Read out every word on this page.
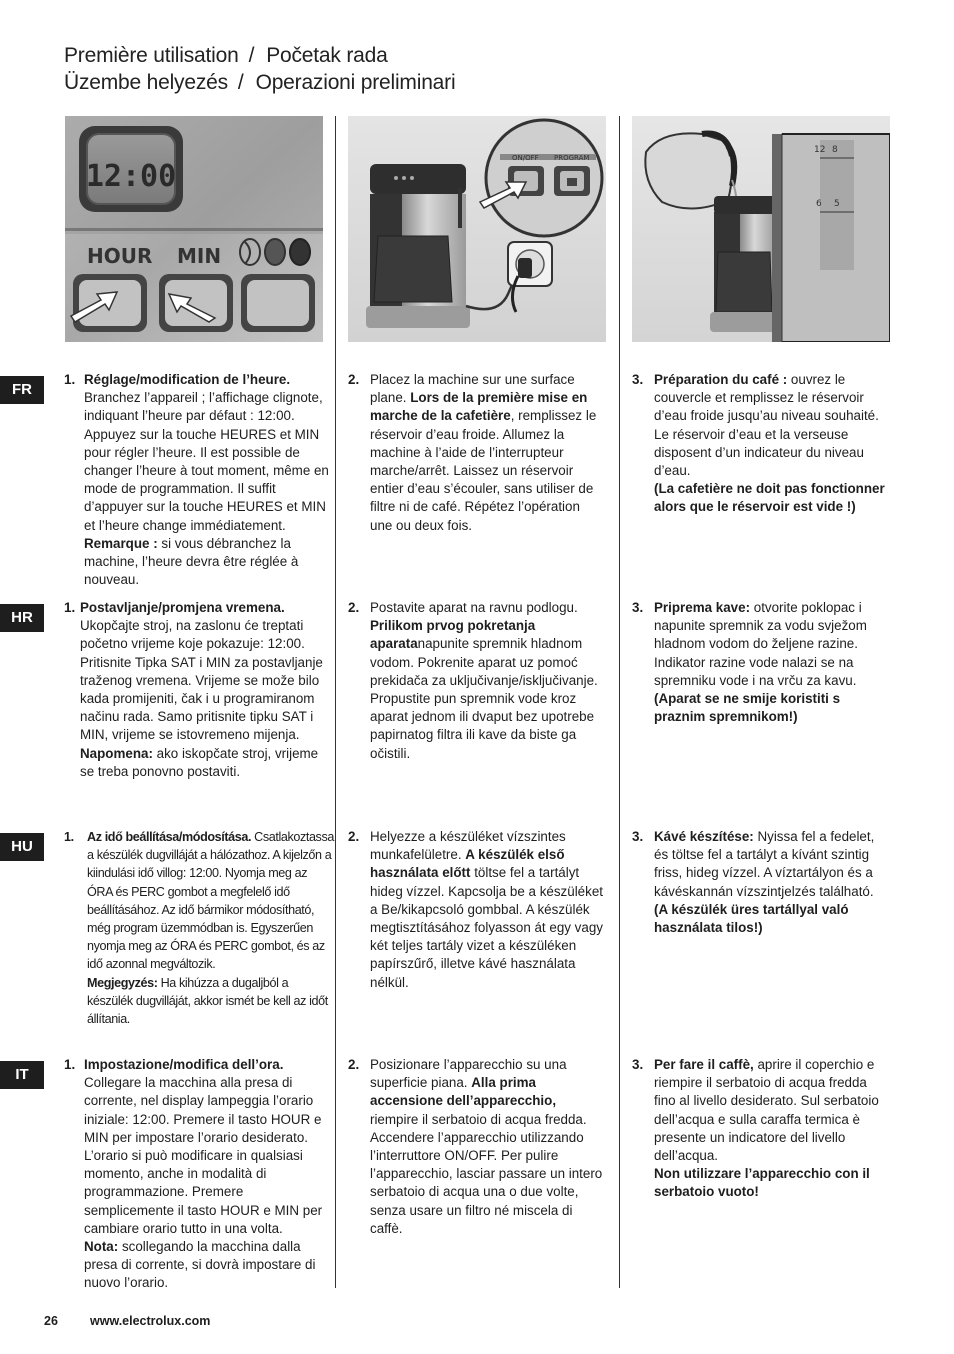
Première utilisation / Početak rada
Üzembe helyezés / Operazioni preliminari
12:00
HOUR MIN
ON/OFF PROGRAM
12 8
6 5
FR
1. Réglage/modification de l’heure. Branchez l’appareil ; l’affichage clignote, indiquant l’heure par défaut : 12:00. Appuyez sur la touche HEURES et MIN pour régler l’heure. Il est possible de changer l’heure à tout moment, même en mode de programmation. Il suffit d’appuyer sur la touche HEURES et MIN et l’heure change immédiatement.

Remarque : si vous débranchez la machine, l’heure devra être réglée à nouveau.

2. Placez la machine sur une surface plane. Lors de la première mise en marche de la cafetière, remplissez le réservoir d’eau froide. Allumez la machine à l’aide de l’interrupteur marche/arrêt. Laissez un réservoir entier d’eau s’écouler, sans utiliser de filtre ni de café. Répétez l’opération une ou deux fois.

3. Préparation du café : ouvrez le couvercle et remplissez le réservoir d’eau froide jusqu’au niveau souhaité. Le réservoir d’eau et la verseuse disposent d’un indicateur du niveau d’eau.

(La cafetière ne doit pas fonctionner alors que le réservoir est vide !)

HR
1. Postavljanje/promjena vremena. Ukopčajte stroj, na zaslonu će treptati početno vrijeme koje pokazuje: 12:00. Pritisnite Tipka SAT i MIN za postavljanje traženog vremena. Vrijeme se može bilo kada promijeniti, čak i u programiranom načinu rada. Samo pritisnite tipku SAT i MIN, vrijeme se istovremeno mijenja.

Napomena: ako iskopčate stroj, vrijeme se treba ponovno postaviti.

2. Postavite aparat na ravnu podlogu. Prilikom prvog pokretanja aparatanapunite spremnik hladnom vodom. Pokrenite aparat uz pomoć prekidača za uključivanje/isključivanje. Propustite pun spremnik vode kroz aparat jednom ili dvaput bez upotrebe papirnatog filtra ili kave da biste ga očistili.

3. Priprema kave: otvorite poklopac i napunite spremnik za vodu svježom hladnom vodom do željene razine. Indikator razine vode nalazi se na spremniku vode i na vrču za kavu.

(Aparat se ne smije koristiti s praznim spremnikom!)

HU
1. Az idő beállítása/módosítása. Csatlakoztassa a készülék dugvilláját a hálózathoz. A kijelzőn a kiindulási idő villog: 12:00. Nyomja meg az ÓRA és PERC gombot a megfelelő idő beállításához. Az idő bármikor módosítható, még program üzemmódban is. Egyszerűen nyomja meg az ÓRA és PERC gombot, és az idő azonnal megváltozik.

Megjegyzés: Ha kihúzza a dugaljból a készülék dugvilláját, akkor ismét be kell az időt állítania.

2. Helyezze a készüléket vízszintes munkafelületre. A készülék első használata előtt töltse fel a tartályt hideg vízzel. Kapcsolja be a készüléket a Be/kikapcsoló gombbal. A készülék megtisztításához folyasson át egy vagy két teljes tartály vizet a készüléken papírszűrő, illetve kávé használata nélkül.

3. Kávé készítése: Nyissa fel a fedelet, és töltse fel a tartályt a kívánt szintig friss, hideg vízzel. A víztartályon és a kávéskannán vízszintjelzés található.

(A készülék üres tartállyal való használata tilos!)

IT
1. Impostazione/modifica dell’ora. Collegare la macchina alla presa di corrente, nel display lampeggia l’orario iniziale: 12:00. Premere il tasto HOUR e MIN per impostare l’orario desiderato. L’orario si può modificare in qualsiasi momento, anche in modalità di programmazione. Premere semplicemente il tasto HOUR e MIN per cambiare orario tutto in una volta.

Nota: scollegando la macchina dalla presa di corrente, si dovrà impostare di nuovo l’orario.

2. Posizionare l’apparecchio su una superficie piana. Alla prima accensione dell’apparecchio, riempire il serbatoio di acqua fredda. Accendere l’apparecchio utilizzando l’interruttore ON/OFF. Per pulire l’apparecchio, lasciar passare un intero serbatoio di acqua una o due volte, senza usare un filtro né miscela di caffè.

3. Per fare il caffè, aprire il coperchio e riempire il serbatoio di acqua fredda fino al livello desiderato. Sul serbatoio dell’acqua e sulla caraffa termica è presente un indicatore del livello dell’acqua.

Non utilizzare l’apparecchio con il serbatoio vuoto!

26	www.electrolux.com
